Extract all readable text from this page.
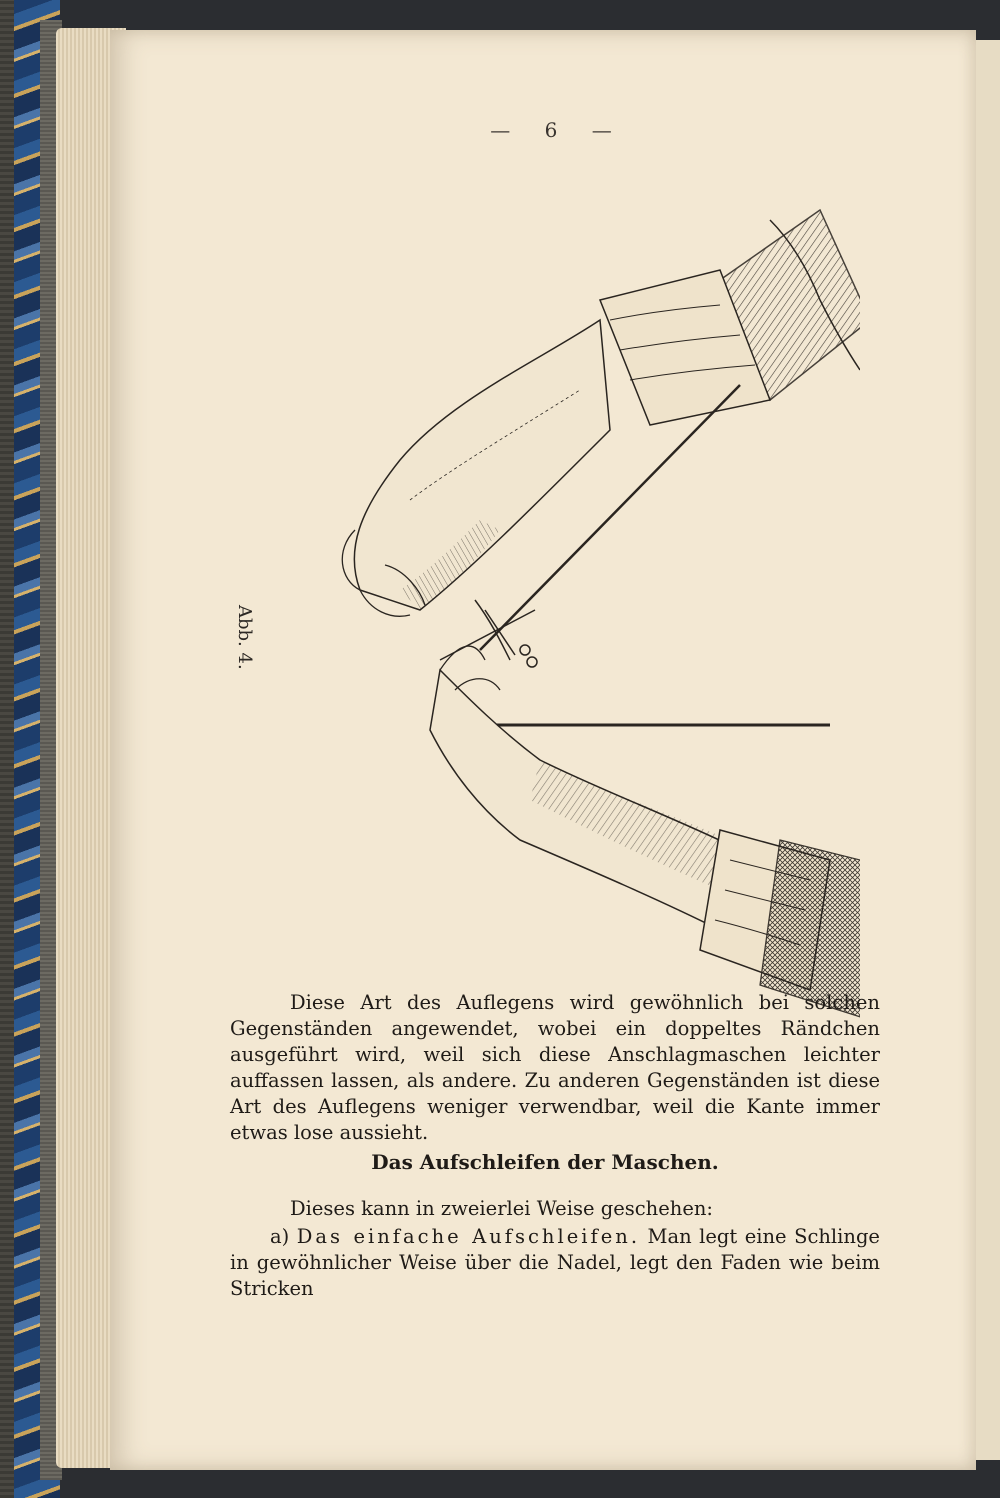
— 6 —
Abb. 4.
Diese Art des Auflegens wird gewöhnlich bei solchen Gegenständen angewendet, wobei ein doppeltes Rändchen ausgeführt wird, weil sich diese Anschlagmaschen leichter auffassen lassen, als andere. Zu anderen Gegenständen ist diese Art des Auflegens weniger verwendbar, weil die Kante immer etwas lose aussieht.
Das Aufschleifen der Maschen.
Dieses kann in zweierlei Weise geschehen:
a) Das einfache Aufschleifen. Man legt eine Schlinge in gewöhnlicher Weise über die Nadel, legt den Faden wie beim Stricken
